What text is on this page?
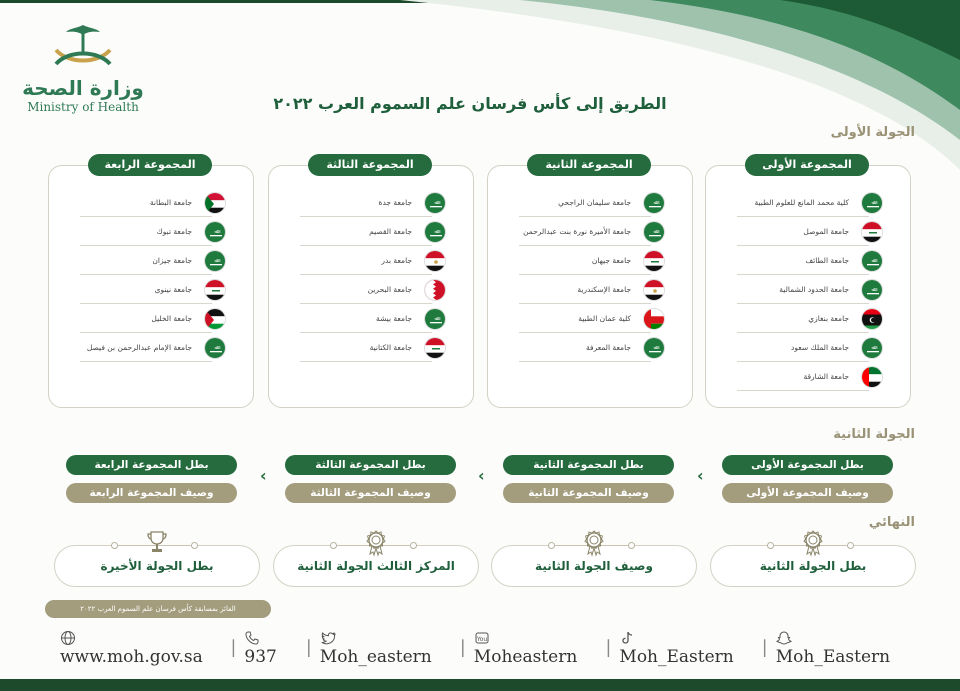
وزارة الصحة
Ministry of Health	الطريق إلى كأس فرسان علم السموم العرب ٢٠٢٢
الجولة الأولى
المجموعة الأولى
كلية محمد المانع للعلوم الطبية	ﷲ
جامعة الموصل
جامعة الطائف	ﷲ
جامعة الحدود الشمالية	ﷲ
جامعة بنغازي
جامعة الملك سعود	ﷲ
جامعة الشارقة
المجموعة الثانية
جامعة سليمان الراجحي	ﷲ
جامعة الأميرة نورة بنت عبدالرحمن	ﷲ
جامعة جيهان
جامعة الإسكندرية
كلية عمان الطبية
جامعة المعرفة	ﷲ
المجموعة الثالثة
جامعة جدة	ﷲ
جامعة القصيم	ﷲ
جامعة بدر
جامعة البحرين
جامعة بيشة	ﷲ
جامعة الكتانية
المجموعة الرابعة
جامعة البطانة
جامعة تبوك	ﷲ
جامعة جيزان	ﷲ
جامعة نينوى
جامعة الخليل
جامعة الإمام عبدالرحمن بن فيصل	ﷲ
الجولة الثانية
بطل المجموعة الأولى
وصيف المجموعة الأولى
بطل المجموعة الثانية
وصيف المجموعة الثانية
بطل المجموعة الثالثة
وصيف المجموعة الثالثة
بطل المجموعة الرابعة
وصيف المجموعة الرابعة
‹
‹
‹
النهائي
بطل الجولة الثانية
وصيف الجولة الثانية
المركز الثالث الجولة الثانية
بطل الجولة الأخيرة
الفائز بمسابقة كأس فرسان علم السموم العرب ٢٠٢٢
www.moh.gov.sa	| 937	| Moh_eastern	| You
Moheastern	| Moh_Eastern	| Moh_Eastern
